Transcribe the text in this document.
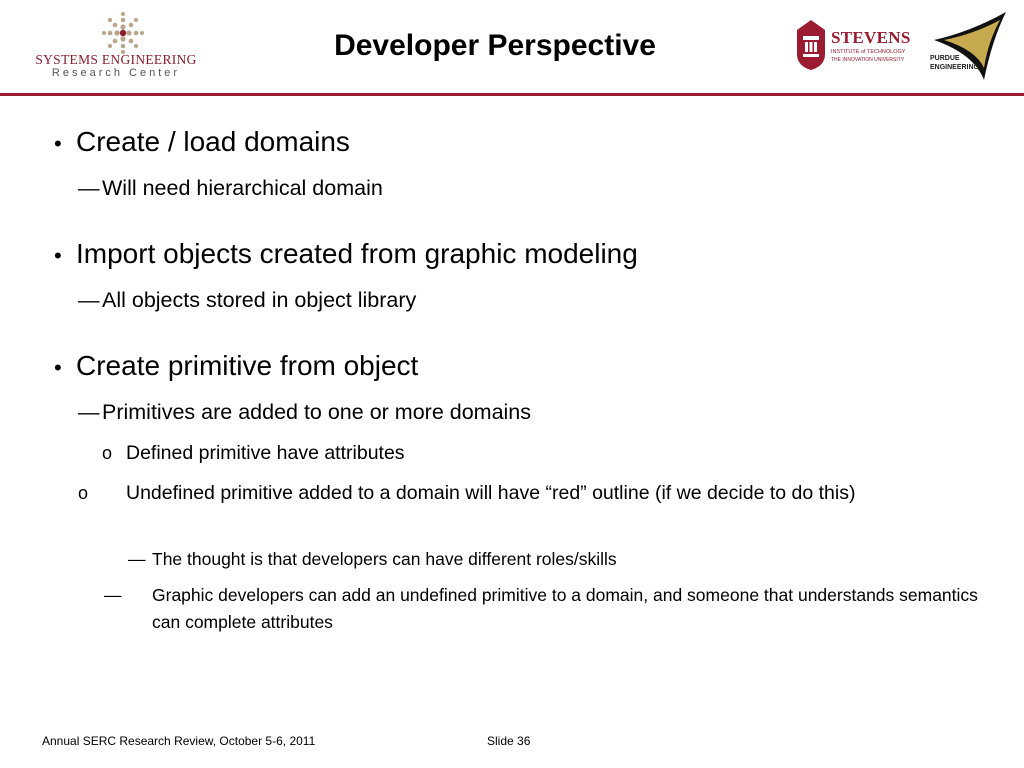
SYSTEMS ENGINEERING
Research Center
Developer Perspective	STEVENS
INSTITUTE of TECHNOLOGY
THE INNOVATION UNIVERSITY	PURDUE
ENGINEERING
• Create / load domains
— Will need hierarchical domain
• Import objects created from graphic modeling
— All objects stored in object library
• Create primitive from object
— Primitives are added to one or more domains
o Defined primitive have attributes
o Undefined primitive added to a domain will have “red” outline (if we decide to do this)
— The thought is that developers can have different roles/skills
— Graphic developers can add an undefined primitive to a domain, and someone that understands semantics can complete attributes
Annual SERC Research Review, October 5-6, 2011	Slide 36
